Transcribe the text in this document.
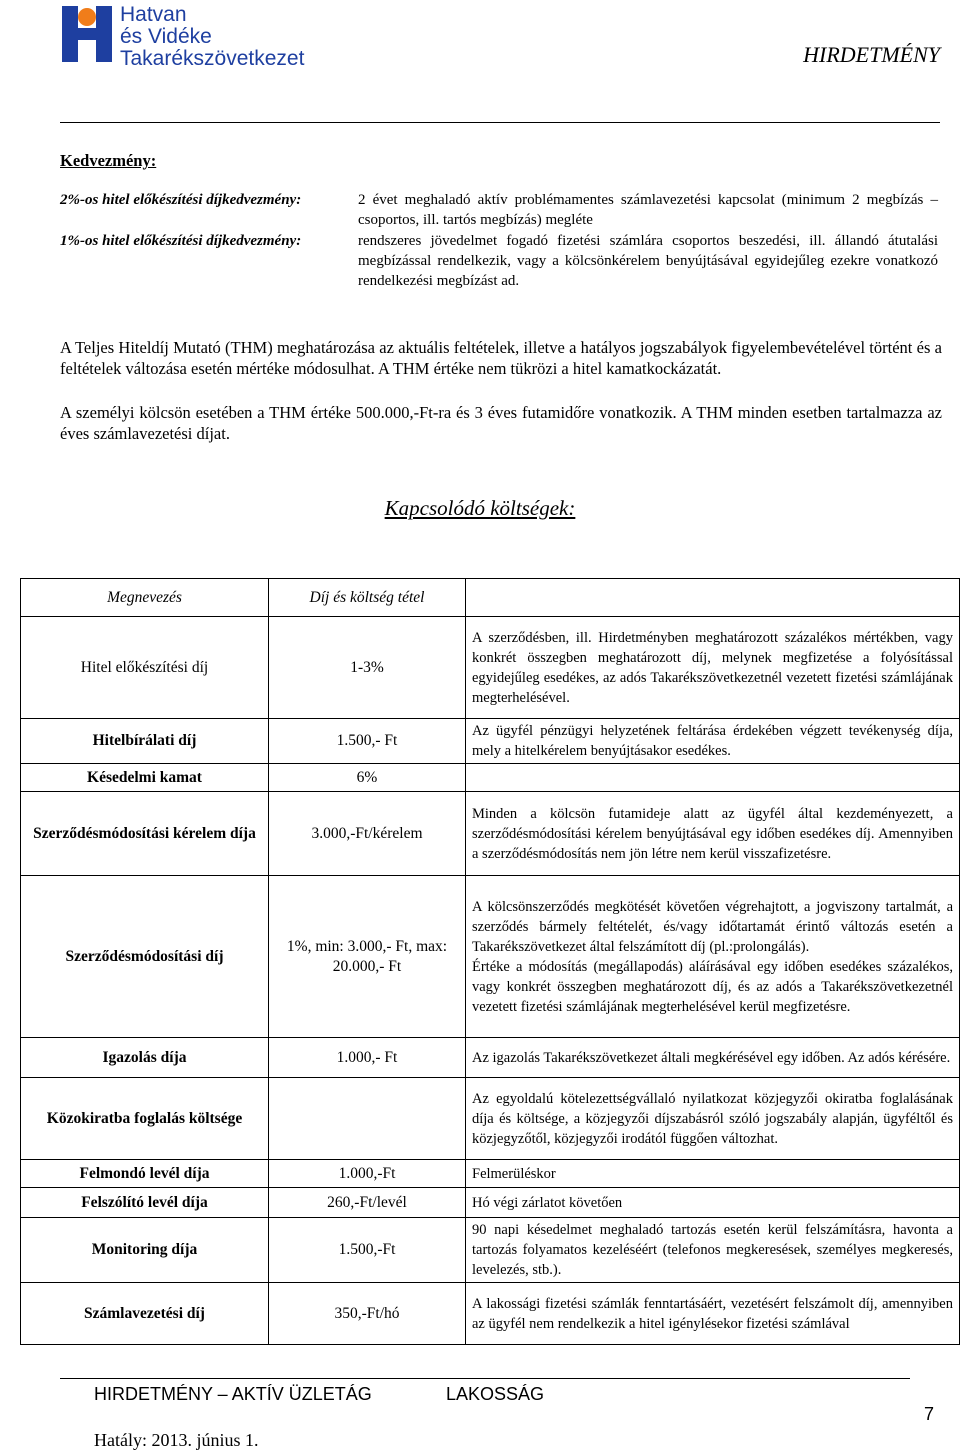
Hatvan
és Vidéke
Takarékszövetkezet	HIRDETMÉNY
Kedvezmény:
2%-os hitel előkészítési díjkedvezmény:	2 évet meghaladó aktív problémamentes számlavezetési kapcsolat (minimum 2 megbízás – csoportos, ill. tartós megbízás) megléte
1%-os hitel előkészítési díjkedvezmény:	rendszeres jövedelmet fogadó fizetési számlára csoportos beszedési, ill. állandó átutalási megbízással rendelkezik, vagy a kölcsönkérelem benyújtásával egyidejűleg ezekre vonatkozó rendelkezési megbízást ad.
A Teljes Hiteldíj Mutató (THM) meghatározása az aktuális feltételek, illetve a hatályos jogszabályok figyelembevételével történt és a feltételek változása esetén mértéke módosulhat. A THM értéke nem tükrözi a hitel kamatkockázatát.
A személyi kölcsön esetében a THM értéke 500.000,-Ft-ra és 3 éves futamidőre vonatkozik. A THM minden esetben tartalmazza az éves számlavezetési díjat.
Kapcsolódó költségek:
Megnevezés	Díj és költség tétel	
Hitel előkészítési díj	1-3%	A szerződésben, ill. Hirdetményben meghatározott százalékos mértékben, vagy konkrét összegben meghatározott díj, melynek megfizetése a folyósítással egyidejűleg esedékes, az adós Takarékszövetkezetnél vezetett fizetési számlájának megterhelésével.
Hitelbírálati díj	1.500,- Ft	Az ügyfél pénzügyi helyzetének feltárása érdekében végzett tevékenység díja, mely a hitelkérelem benyújtásakor esedékes.
Késedelmi kamat	6%	
Szerződésmódosítási kérelem díja	3.000,-Ft/kérelem	Minden a kölcsön futamideje alatt az ügyfél által kezdeményezett, a szerződésmódosítási kérelem benyújtásával egy időben esedékes díj. Amennyiben a szerződésmódosítás nem jön létre nem kerül visszafizetésre.
Szerződésmódosítási díj	1%, min: 3.000,- Ft, max: 20.000,- Ft	A kölcsönszerződés megkötését követően végrehajtott, a jogviszony tartalmát, a szerződés bármely feltételét, és/vagy időtartamát érintő változás esetén a Takarékszövetkezet által felszámított díj (pl.:prolongálás).
Értéke a módosítás (megállapodás) aláírásával egy időben esedékes százalékos, vagy konkrét összegben meghatározott díj, és az adós a Takarékszövetkezetnél vezetett fizetési számlájának megterhelésével kerül megfizetésre.

Igazolás díja	1.000,- Ft	Az igazolás Takarékszövetkezet általi megkérésével egy időben. Az adós kérésére.
Közokiratba foglalás költsége		Az egyoldalú kötelezettségvállaló nyilatkozat közjegyzői okiratba foglalásának díja és költsége, a közjegyzői díjszabásról szóló jogszabály alapján, ügyféltől és közjegyzőtől, közjegyzői irodától függően változhat.
Felmondó levél díja	1.000,-Ft	Felmerüléskor
Felszólító levél díja	260,-Ft/levél	Hó végi zárlatot követően
Monitoring díja	1.500,-Ft	90 napi késedelmet meghaladó tartozás esetén kerül felszámításra, havonta a tartozás folyamatos kezeléséért (telefonos megkeresések, személyes megkeresés, levelezés, stb.).
Számlavezetési díj	350,-Ft/hó	A lakossági fizetési számlák fenntartásáért, vezetésért felszámolt díj, amennyiben az ügyfél nem rendelkezik a hitel igénylésekor fizetési számlával
HIRDETMÉNY – AKTÍV ÜZLETÁG	LAKOSSÁG
Hatály: 2013. június 1.
7
